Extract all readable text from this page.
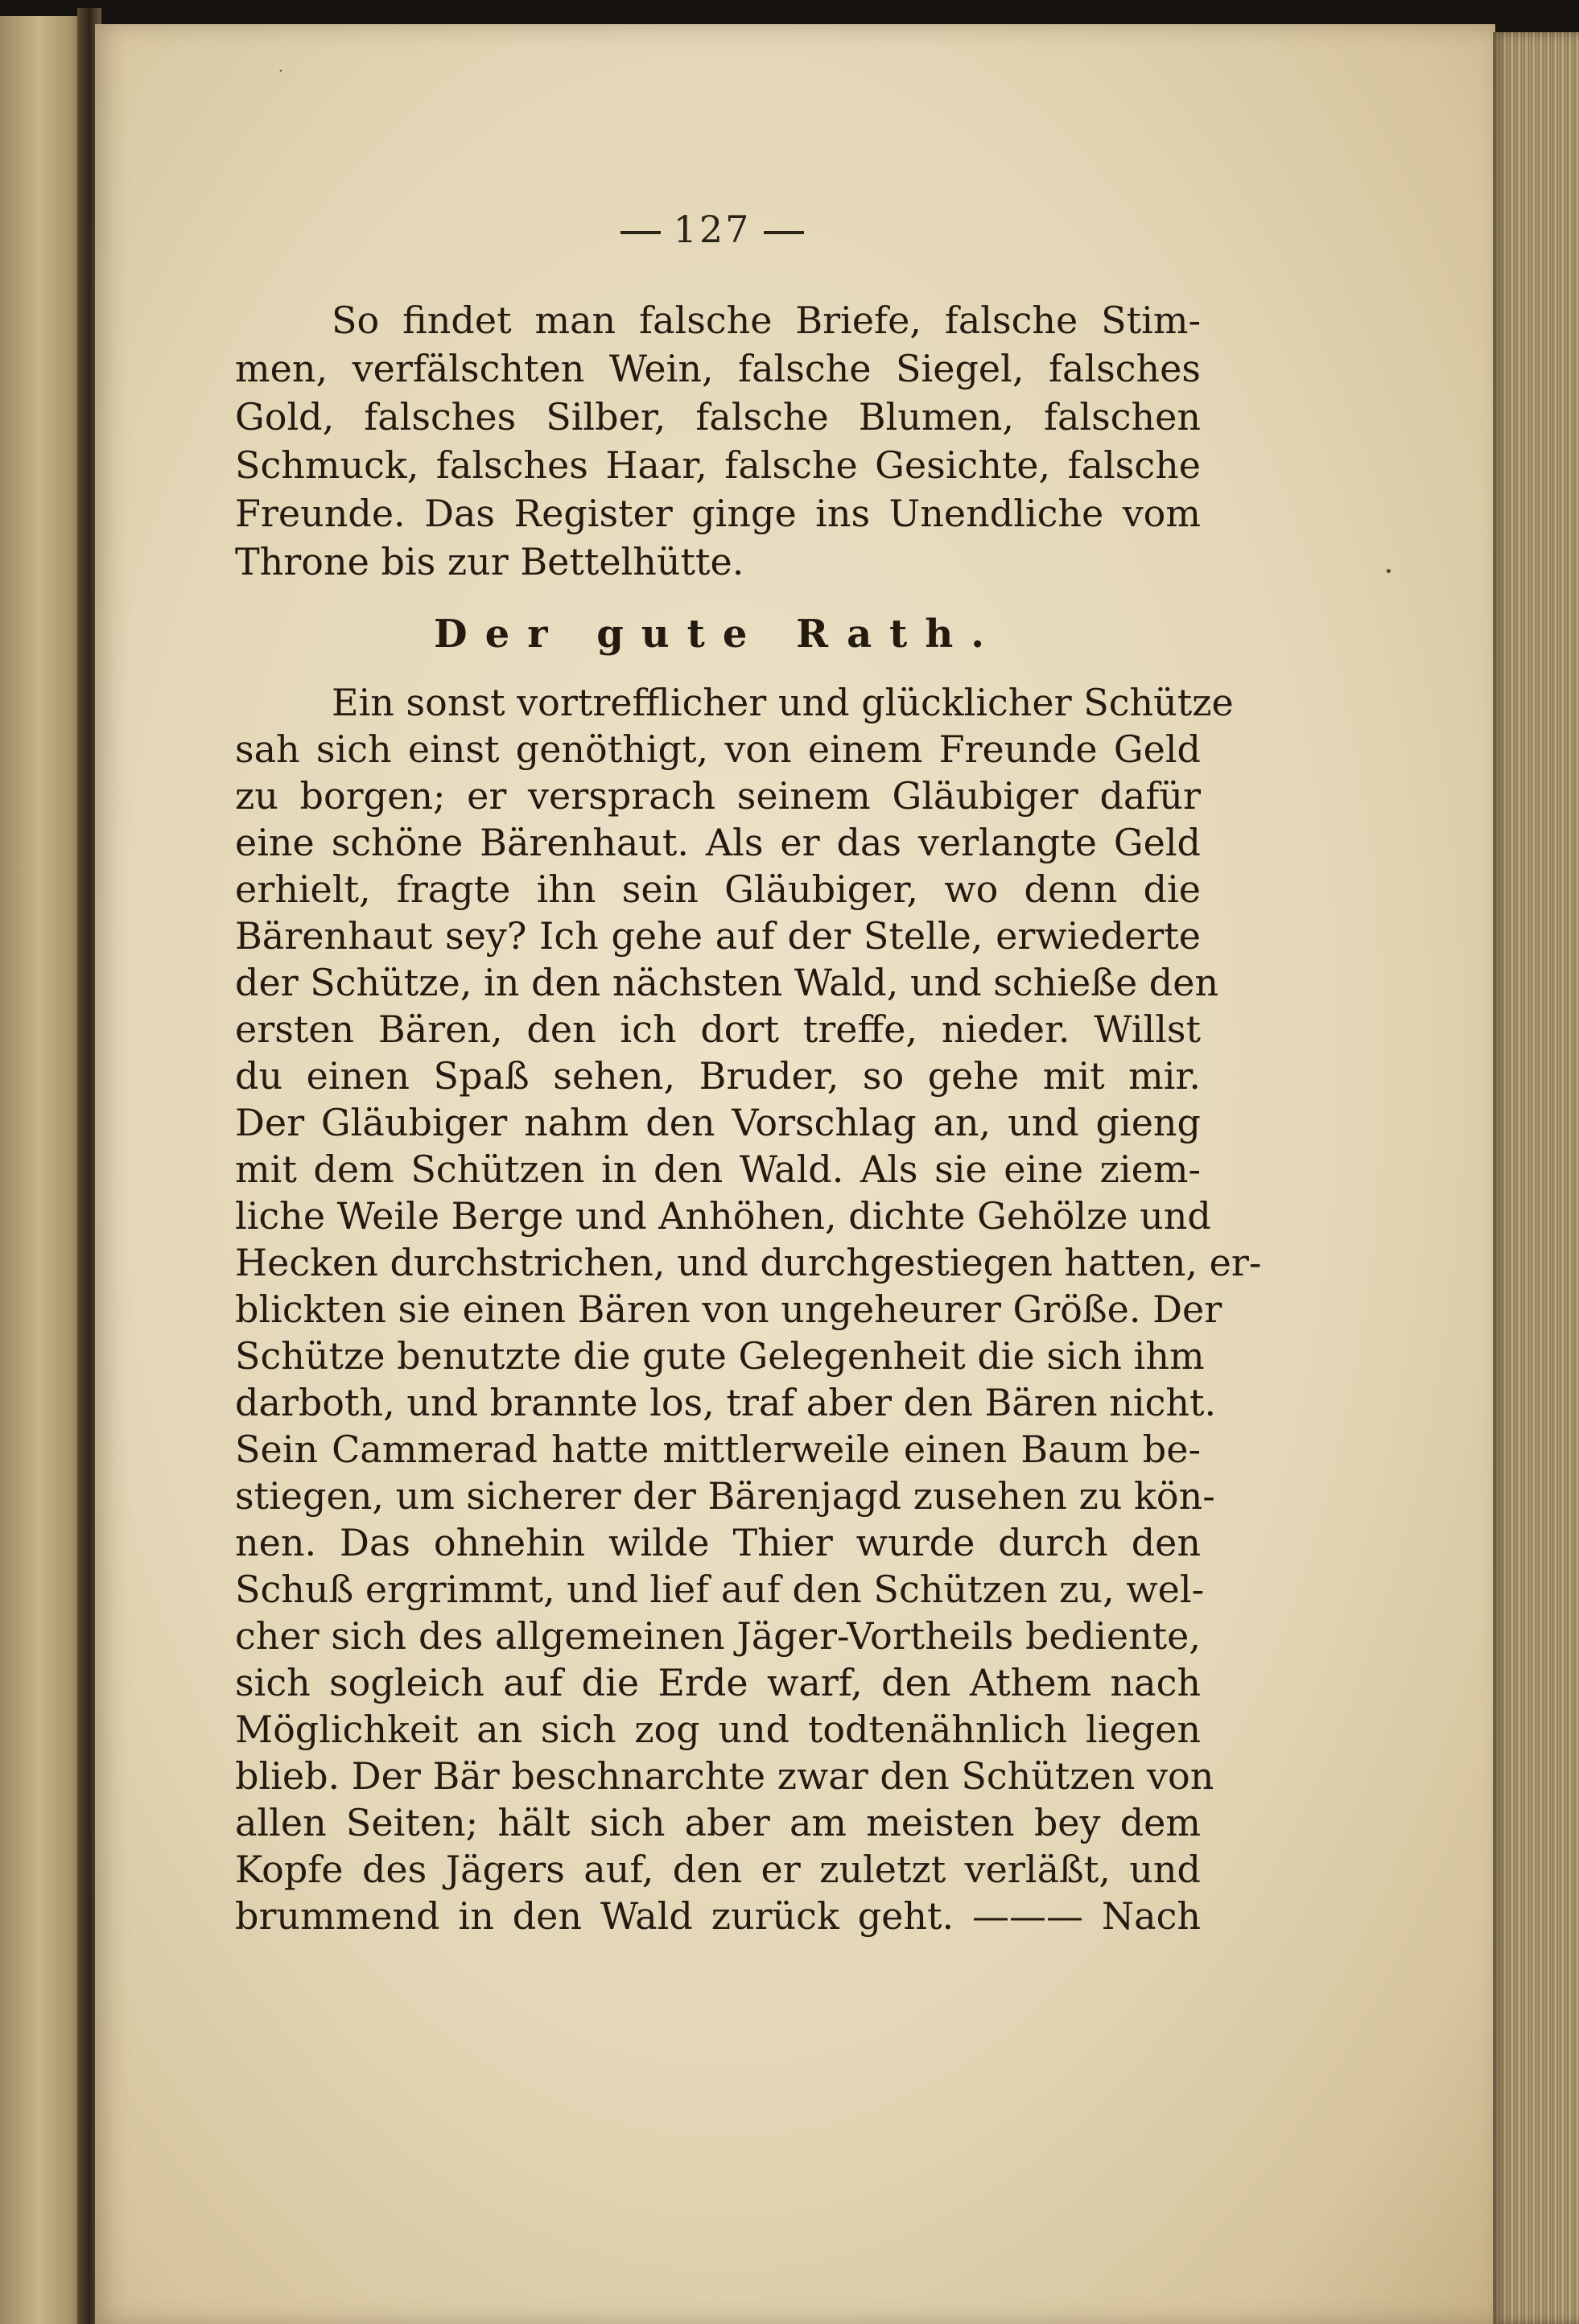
·
•
127
So findet man falsche Briefe, falsche Stim-
men, verfälschten Wein, falsche Siegel, falsches
Gold, falsches Silber, falsche Blumen, falschen
Schmuck, falsches Haar, falsche Gesichte, falsche
Freunde. Das Register ginge ins Unendliche vom
Throne bis zur Bettelhütte.
Der gute Rath.
Ein sonst vortrefflicher und glücklicher Schütze
sah sich einst genöthigt, von einem Freunde Geld
zu borgen; er versprach seinem Gläubiger dafür
eine schöne Bärenhaut. Als er das verlangte Geld
erhielt, fragte ihn sein Gläubiger, wo denn die
Bärenhaut sey? Ich gehe auf der Stelle, erwiederte
der Schütze, in den nächsten Wald, und schieße den
ersten Bären, den ich dort treffe, nieder. Willst
du einen Spaß sehen, Bruder, so gehe mit mir.
Der Gläubiger nahm den Vorschlag an, und gieng
mit dem Schützen in den Wald. Als sie eine ziem-
liche Weile Berge und Anhöhen, dichte Gehölze und
Hecken durchstrichen, und durchgestiegen hatten, er-
blickten sie einen Bären von ungeheurer Größe. Der
Schütze benutzte die gute Gelegenheit die sich ihm
darboth, und brannte los, traf aber den Bären nicht.
Sein Cammerad hatte mittlerweile einen Baum be-
stiegen, um sicherer der Bärenjagd zusehen zu kön-
nen. Das ohnehin wilde Thier wurde durch den
Schuß ergrimmt, und lief auf den Schützen zu, wel-
cher sich des allgemeinen Jäger-Vortheils bediente,
sich sogleich auf die Erde warf, den Athem nach
Möglichkeit an sich zog und todtenähnlich liegen
blieb. Der Bär beschnarchte zwar den Schützen von
allen Seiten; hält sich aber am meisten bey dem
Kopfe des Jägers auf, den er zuletzt verläßt, und
brummend in den Wald zurück geht. ——— Nach
